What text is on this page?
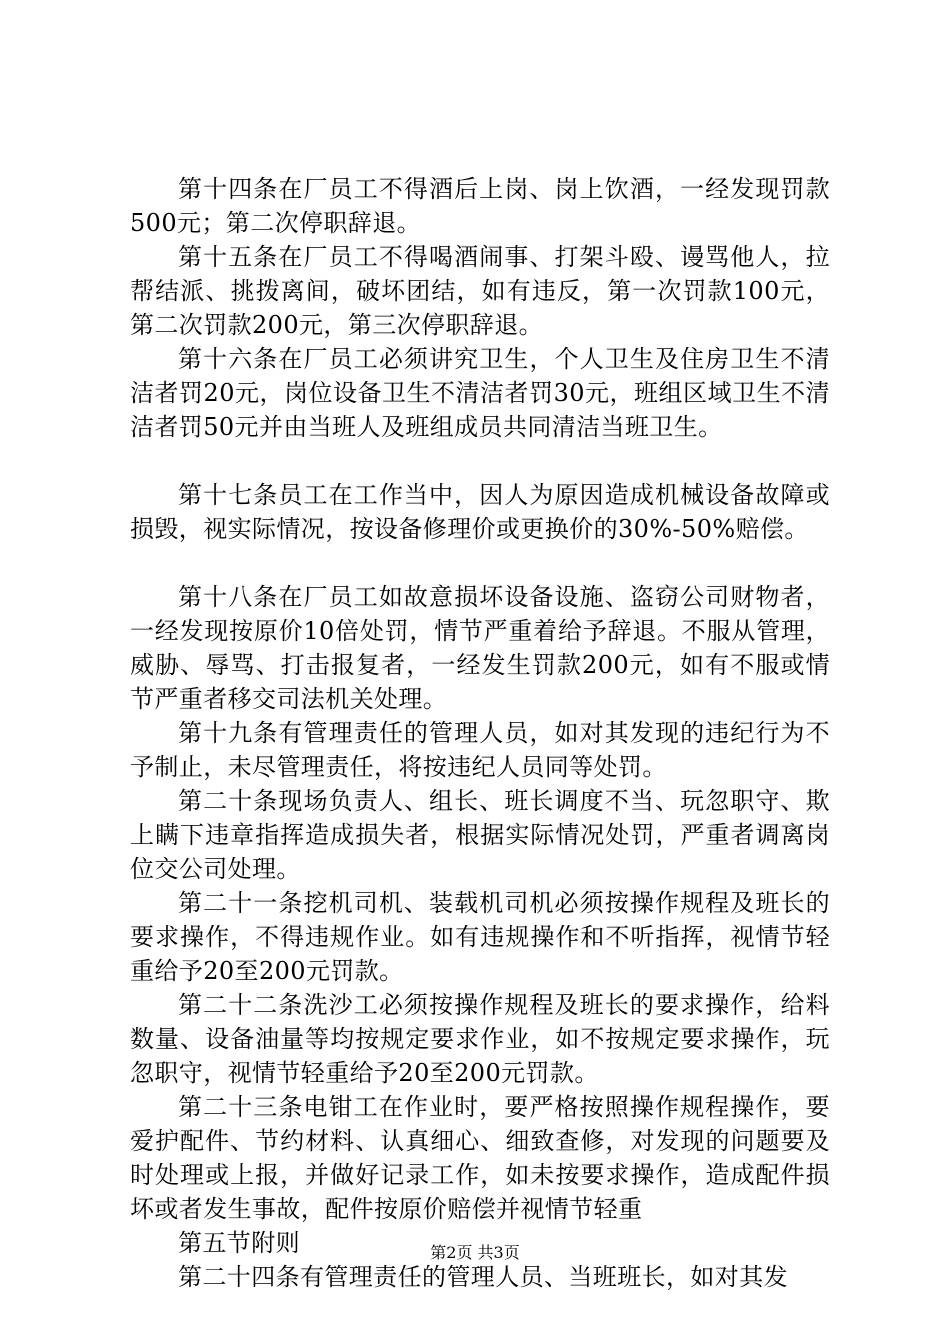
第十四条在厂员工不得酒后上岗、岗上饮酒，一经发现罚款500元；第二次停职辞退。

第十五条在厂员工不得喝酒闹事、打架斗殴、谩骂他人，拉帮结派、挑拨离间，破坏团结，如有违反，第一次罚款100元，第二次罚款200元，第三次停职辞退。

第十六条在厂员工必须讲究卫生，个人卫生及住房卫生不清洁者罚20元，岗位设备卫生不清洁者罚30元，班组区域卫生不清洁者罚50元并由当班人及班组成员共同清洁当班卫生。

第十七条员工在工作当中，因人为原因造成机械设备故障或损毁，视实际情况，按设备修理价或更换价的30%-50%赔偿。

第十八条在厂员工如故意损坏设备设施、盗窃公司财物者，一经发现按原价10倍处罚，情节严重着给予辞退。不服从管理，威胁、辱骂、打击报复者，一经发生罚款200元，如有不服或情节严重者移交司法机关处理。

第十九条有管理责任的管理人员，如对其发现的违纪行为不予制止，未尽管理责任，将按违纪人员同等处罚。

第二十条现场负责人、组长、班长调度不当、玩忽职守、欺上瞒下违章指挥造成损失者，根据实际情况处罚，严重者调离岗位交公司处理。

第二十一条挖机司机、装载机司机必须按操作规程及班长的要求操作，不得违规作业。如有违规操作和不听指挥，视情节轻重给予20至200元罚款。

第二十二条洗沙工必须按操作规程及班长的要求操作，给料数量、设备油量等均按规定要求作业，如不按规定要求操作，玩忽职守，视情节轻重给予20至200元罚款。

第二十三条电钳工在作业时，要严格按照操作规程操作，要爱护配件、节约材料、认真细心、细致查修，对发现的问题要及时处理或上报，并做好记录工作，如未按要求操作，造成配件损坏或者发生事故，配件按原价赔偿并视情节轻重

第五节附则

第二十四条有管理责任的管理人员、当班班长，如对其发

第2页 共3页
